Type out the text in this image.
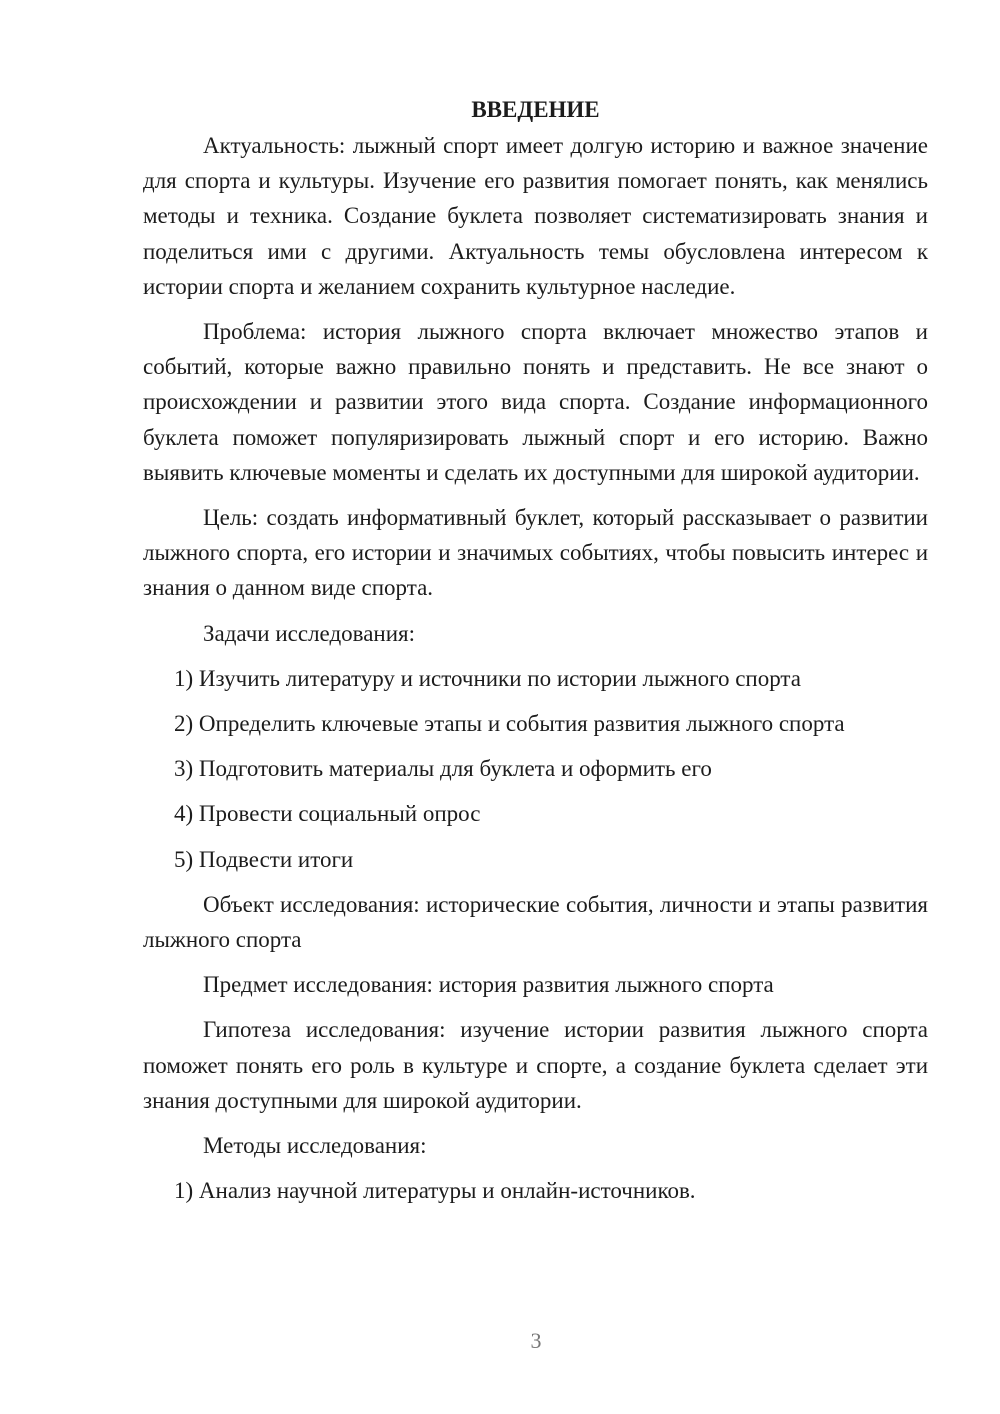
ВВЕДЕНИЕ
Актуальность: лыжный спорт имеет долгую историю и важное значение для спорта и культуры. Изучение его развития помогает понять, как менялись методы и техника. Создание буклета позволяет систематизировать знания и поделиться ими с другими. Актуальность темы обусловлена интересом к истории спорта и желанием сохранить культурное наследие.
Проблема: история лыжного спорта включает множество этапов и событий, которые важно правильно понять и представить. Не все знают о происхождении и развитии этого вида спорта. Создание информационного буклета поможет популяризировать лыжный спорт и его историю. Важно выявить ключевые моменты и сделать их доступными для широкой аудитории.
Цель: создать информативный буклет, который рассказывает о развитии лыжного спорта, его истории и значимых событиях, чтобы повысить интерес и знания о данном виде спорта.
Задачи исследования:
1) Изучить литературу и источники по истории лыжного спорта
2) Определить ключевые этапы и события развития лыжного спорта
3) Подготовить материалы для буклета и оформить его
4) Провести социальный опрос
5) Подвести итоги
Объект исследования: исторические события, личности и этапы развития лыжного спорта
Предмет исследования: история развития лыжного спорта
Гипотеза исследования: изучение истории развития лыжного спорта поможет понять его роль в культуре и спорте, а создание буклета сделает эти знания доступными для широкой аудитории.
Методы исследования:
1) Анализ научной литературы и онлайн-источников.
3
